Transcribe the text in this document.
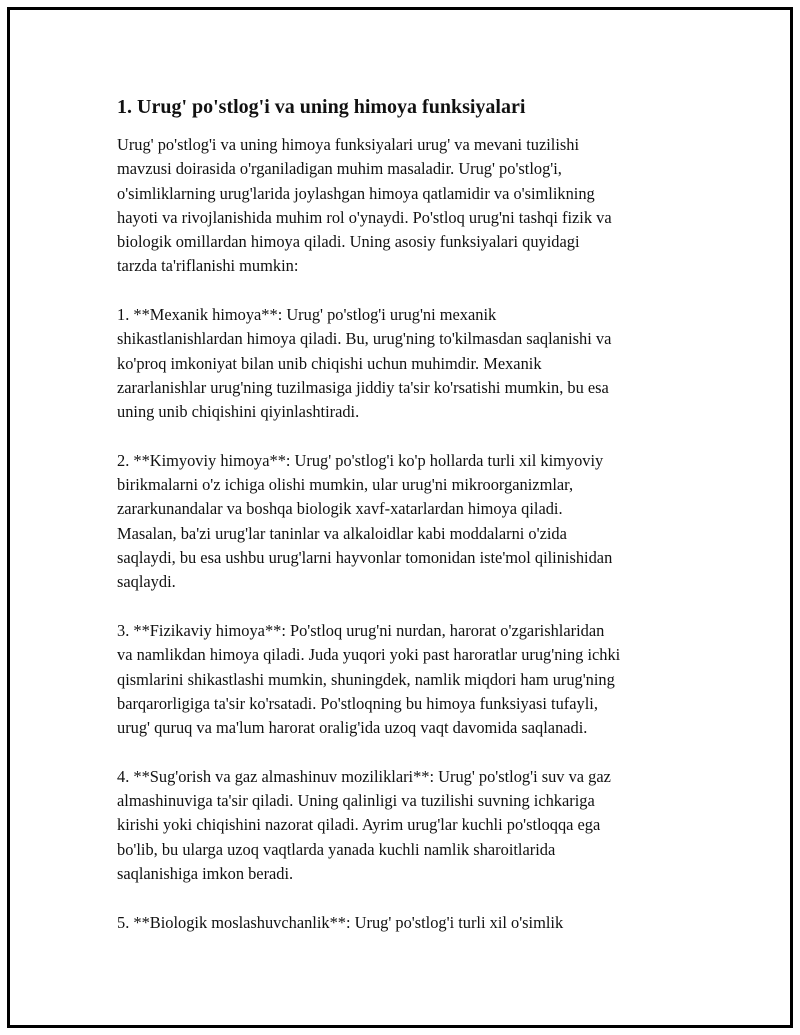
1. Urug' po'stlog'i va uning himoya funksiyalari
Urug' po'stlog'i va uning himoya funksiyalari urug' va mevani tuzilishi
mavzusi doirasida o'rganiladigan muhim masaladir. Urug' po'stlog'i,
o'simliklarning urug'larida joylashgan himoya qatlamidir va o'simlikning
hayoti va rivojlanishida muhim rol o'ynaydi. Po'stloq urug'ni tashqi fizik va
biologik omillardan himoya qiladi. Uning asosiy funksiyalari quyidagi
tarzda ta'riflanishi mumkin:
1. **Mexanik himoya**: Urug' po'stlog'i urug'ni mexanik
shikastlanishlardan himoya qiladi. Bu, urug'ning to'kilmasdan saqlanishi va
ko'proq imkoniyat bilan unib chiqishi uchun muhimdir. Mexanik
zararlanishlar urug'ning tuzilmasiga jiddiy ta'sir ko'rsatishi mumkin, bu esa
uning unib chiqishini qiyinlashtiradi.
2. **Kimyoviy himoya**: Urug' po'stlog'i ko'p hollarda turli xil kimyoviy
birikmalarni o'z ichiga olishi mumkin, ular urug'ni mikroorganizmlar,
zararkunandalar va boshqa biologik xavf-xatarlardan himoya qiladi.
Masalan, ba'zi urug'lar taninlar va alkaloidlar kabi moddalarni o'zida
saqlaydi, bu esa ushbu urug'larni hayvonlar tomonidan iste'mol qilinishidan
saqlaydi.
3. **Fizikaviy himoya**: Po'stloq urug'ni nurdan, harorat o'zgarishlaridan
va namlikdan himoya qiladi. Juda yuqori yoki past haroratlar urug'ning ichki
qismlarini shikastlashi mumkin, shuningdek, namlik miqdori ham urug'ning
barqarorligiga ta'sir ko'rsatadi. Po'stloqning bu himoya funksiyasi tufayli,
urug' quruq va ma'lum harorat oralig'ida uzoq vaqt davomida saqlanadi.
4. **Sug'orish va gaz almashinuv moziliklari**: Urug' po'stlog'i suv va gaz
almashinuviga ta'sir qiladi. Uning qalinligi va tuzilishi suvning ichkariga
kirishi yoki chiqishini nazorat qiladi. Ayrim urug'lar kuchli po'stloqqa ega
bo'lib, bu ularga uzoq vaqtlarda yanada kuchli namlik sharoitlarida
saqlanishiga imkon beradi.
5. **Biologik moslashuvchanlik**: Urug' po'stlog'i turli xil o'simlik
